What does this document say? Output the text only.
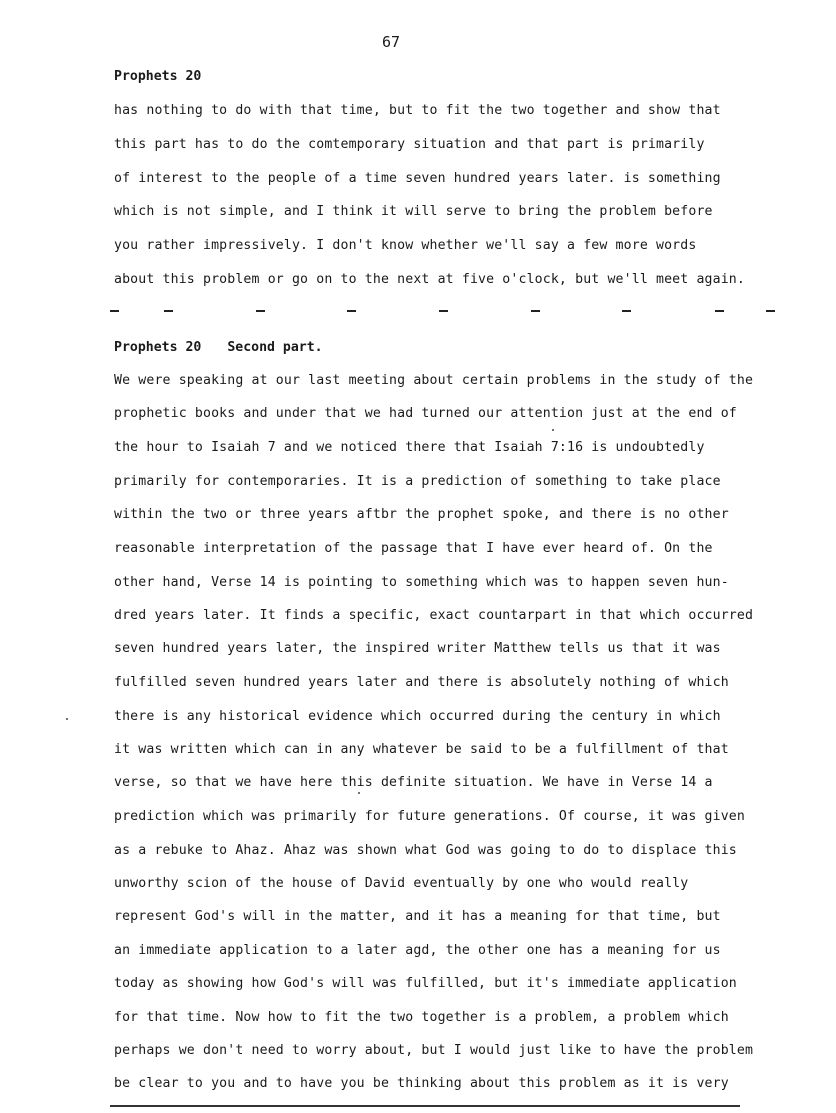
67
Prophets 20
has nothing to do with that time, but to fit the two together and show that
this part has to do the comtemporary situation and that part is primarily
of interest to the people of a time seven hundred years later. is something
which is not simple, and I think it will serve to bring the problem before
you rather impressively. I don't know whether we'll say a few more words
about this problem or go on to the next at five o'clock, but we'll meet again.
Prophets 20 Second part.
We were speaking at our last meeting about certain problems in the study of the
prophetic books and under that we had turned our attention just at the end of
the hour to Isaiah 7 and we noticed there that Isaiah 7:16 is undoubtedly
primarily for contemporaries. It is a prediction of something to take place
within the two or three years aftbr the prophet spoke, and there is no other
reasonable interpretation of the passage that I have ever heard of. On the
other hand, Verse 14 is pointing to something which was to happen seven hun-
dred years later. It finds a specific, exact countarpart in that which occurred
seven hundred years later, the inspired writer Matthew tells us that it was
fulfilled seven hundred years later and there is absolutely nothing of which
there is any historical evidence which occurred during the century in which
it was written which can in any whatever be said to be a fulfillment of that
verse, so that we have here this definite situation. We have in Verse 14 a
prediction which was primarily for future generations. Of course, it was given
as a rebuke to Ahaz. Ahaz was shown what God was going to do to displace this
unworthy scion of the house of David eventually by one who would really
represent God's will in the matter, and it has a meaning for that time, but
an immediate application to a later agd, the other one has a meaning for us
today as showing how God's will was fulfilled, but it's immediate application
for that time. Now how to fit the two together is a problem, a problem which
perhaps we don't need to worry about, but I would just like to have the problem
be clear to you and to have you be thinking about this problem as it is very
